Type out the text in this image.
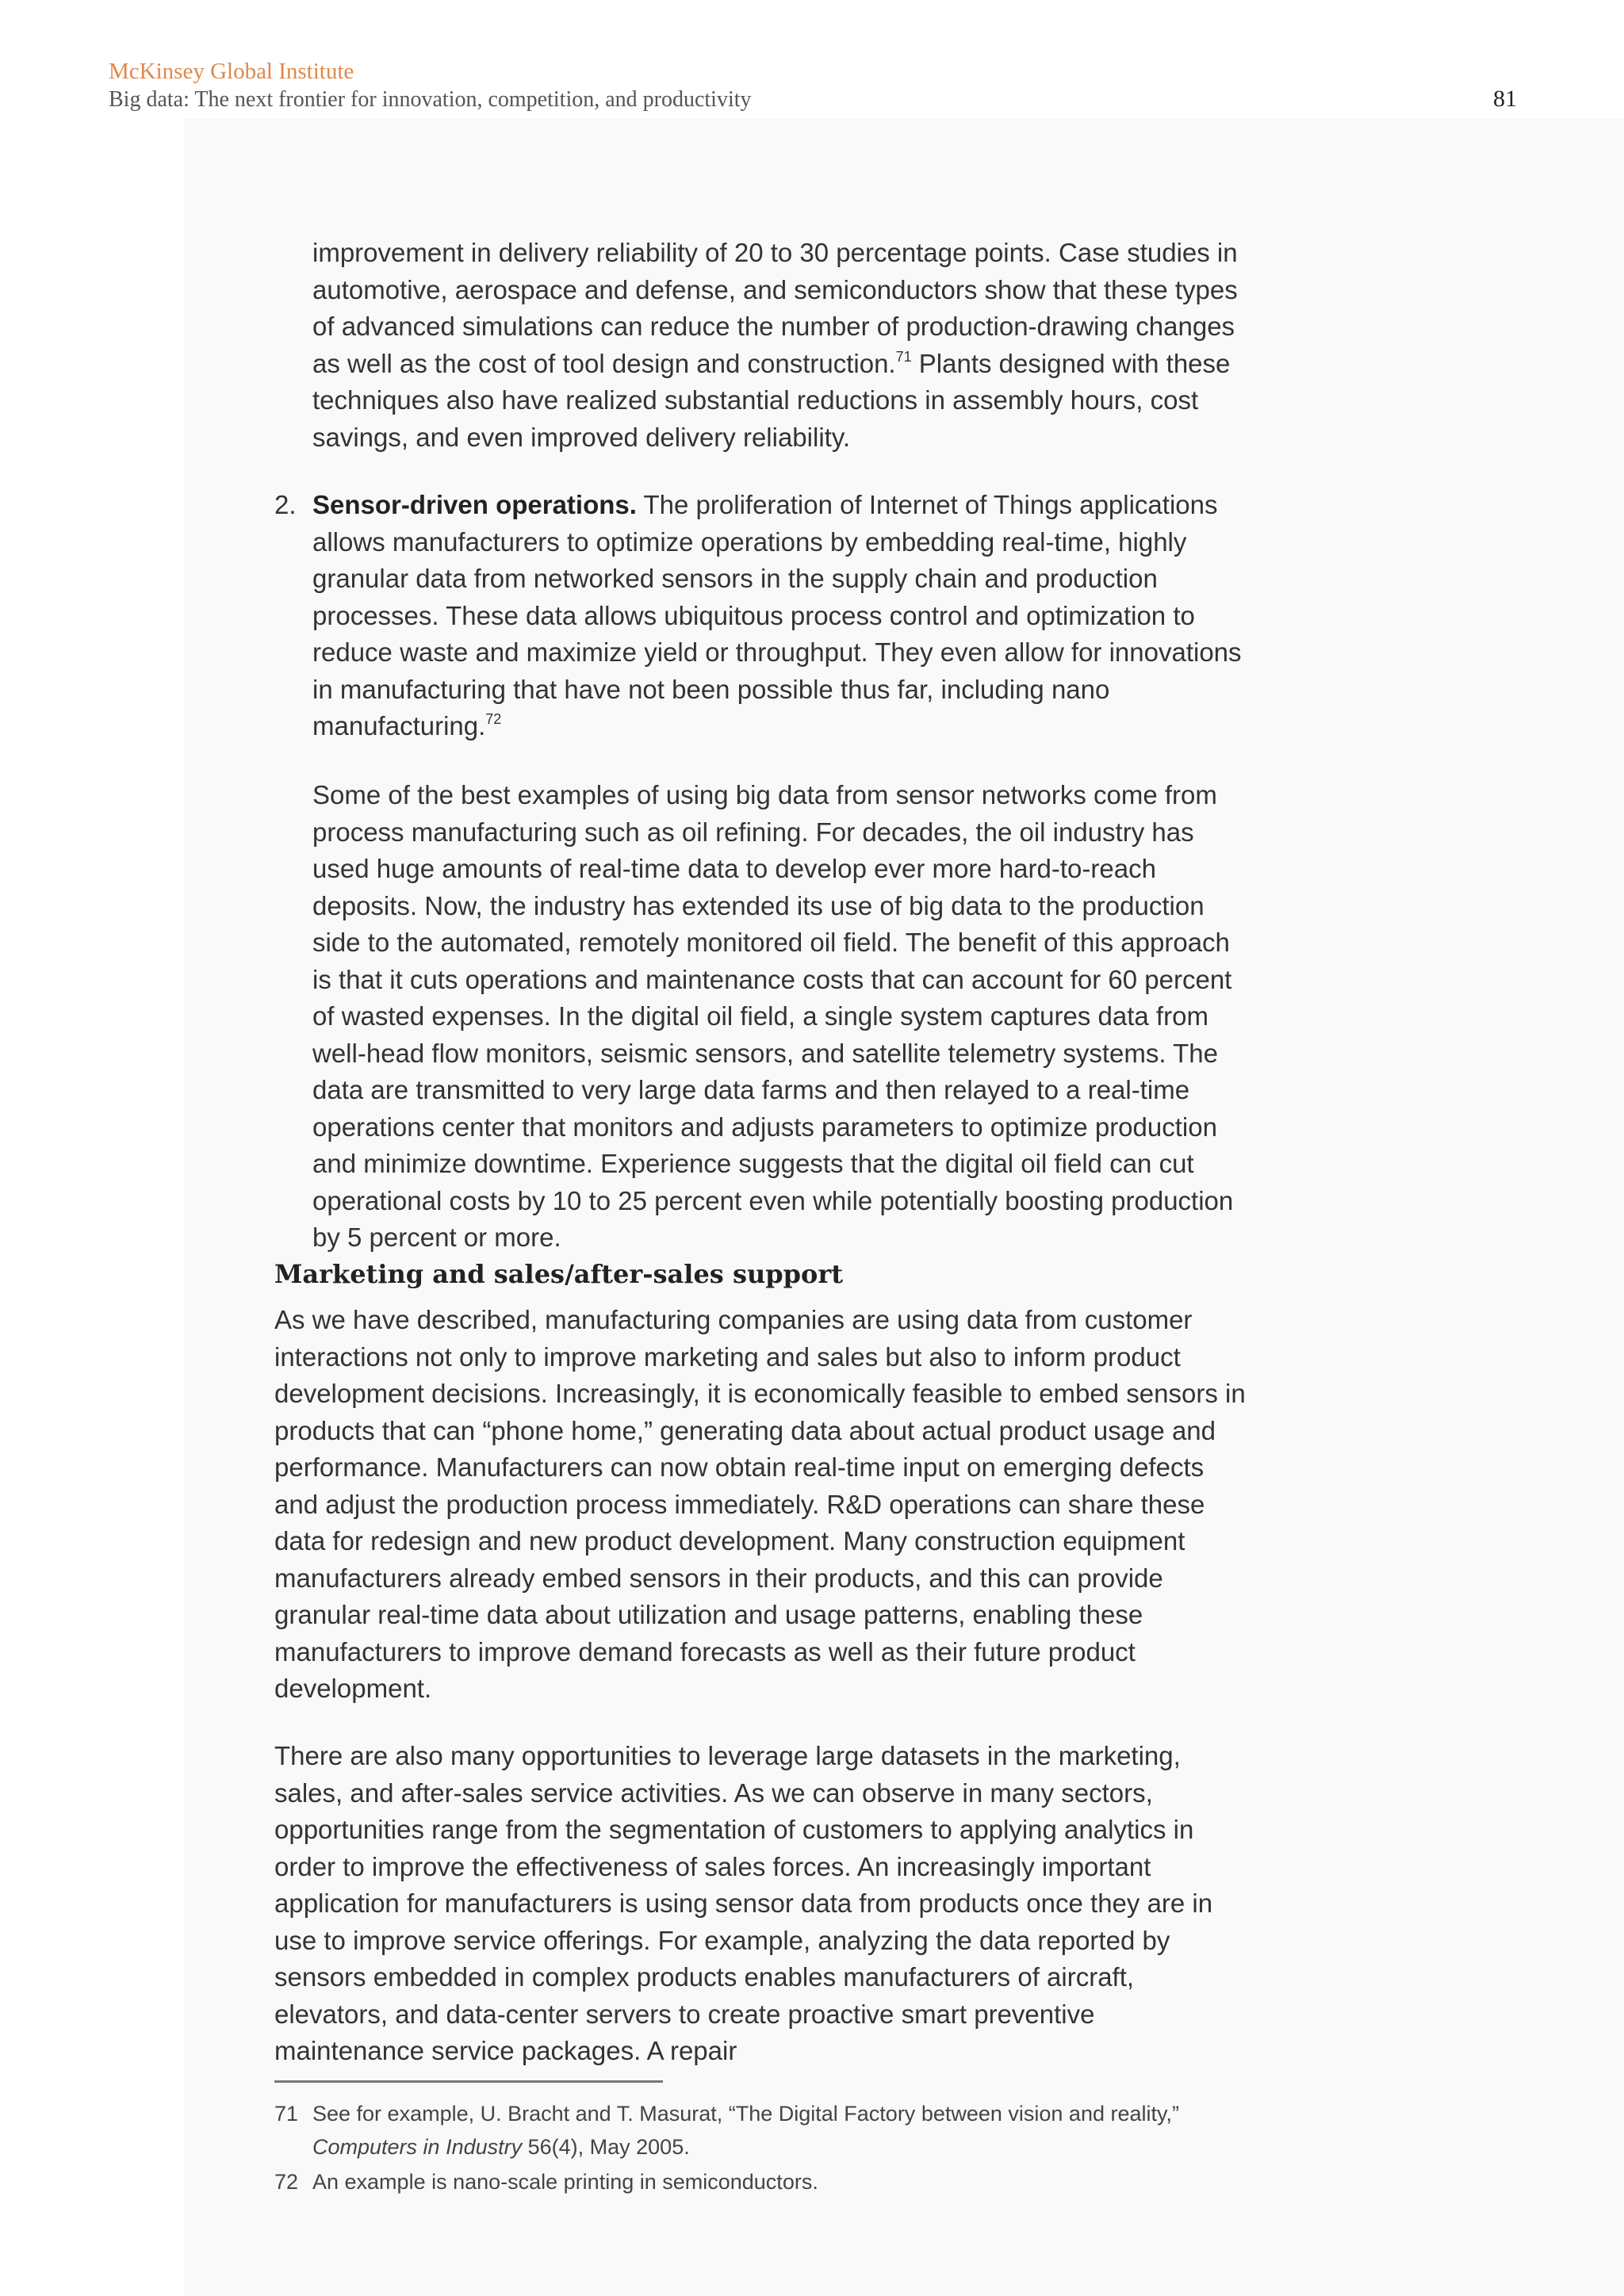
McKinsey Global Institute
Big data: The next frontier for innovation, competition, and productivity	81

improvement in delivery reliability of 20 to 30 percentage points. Case studies in automotive, aerospace and defense, and semiconductors show that these types of advanced simulations can reduce the number of production-drawing changes as well as the cost of tool design and construction.$^{71}$ Plants designed with these techniques also have realized substantial reductions in assembly hours, cost savings, and even improved delivery reliability.

2. Sensor-driven operations. The proliferation of Internet of Things applications allows manufacturers to optimize operations by embedding real-time, highly granular data from networked sensors in the supply chain and production processes. These data allows ubiquitous process control and optimization to reduce waste and maximize yield or throughput. They even allow for innovations in manufacturing that have not been possible thus far, including nano manufacturing.$^{72}$

Some of the best examples of using big data from sensor networks come from process manufacturing such as oil refining. For decades, the oil industry has used huge amounts of real-time data to develop ever more hard-to-reach deposits. Now, the industry has extended its use of big data to the production side to the automated, remotely monitored oil field. The benefit of this approach is that it cuts operations and maintenance costs that can account for 60 percent of wasted expenses. In the digital oil field, a single system captures data from well-head flow monitors, seismic sensors, and satellite telemetry systems. The data are transmitted to very large data farms and then relayed to a real-time operations center that monitors and adjusts parameters to optimize production and minimize downtime. Experience suggests that the digital oil field can cut operational costs by 10 to 25 percent even while potentially boosting production by 5 percent or more.

Marketing and sales/after-sales support

As we have described, manufacturing companies are using data from customer interactions not only to improve marketing and sales but also to inform product development decisions. Increasingly, it is economically feasible to embed sensors in products that can “phone home,” generating data about actual product usage and performance. Manufacturers can now obtain real-time input on emerging defects and adjust the production process immediately. R&D operations can share these data for redesign and new product development. Many construction equipment manufacturers already embed sensors in their products, and this can provide granular real-time data about utilization and usage patterns, enabling these manufacturers to improve demand forecasts as well as their future product development.

There are also many opportunities to leverage large datasets in the marketing, sales, and after-sales service activities. As we can observe in many sectors, opportunities range from the segmentation of customers to applying analytics in order to improve the effectiveness of sales forces. An increasingly important application for manufacturers is using sensor data from products once they are in use to improve service offerings. For example, analyzing the data reported by sensors embedded in complex products enables manufacturers of aircraft, elevators, and data-center servers to create proactive smart preventive maintenance service packages. A repair

71 See for example, U. Bracht and T. Masurat, “The Digital Factory between vision and reality,” Computers in Industry 56(4), May 2005.
72 An example is nano-scale printing in semiconductors.
